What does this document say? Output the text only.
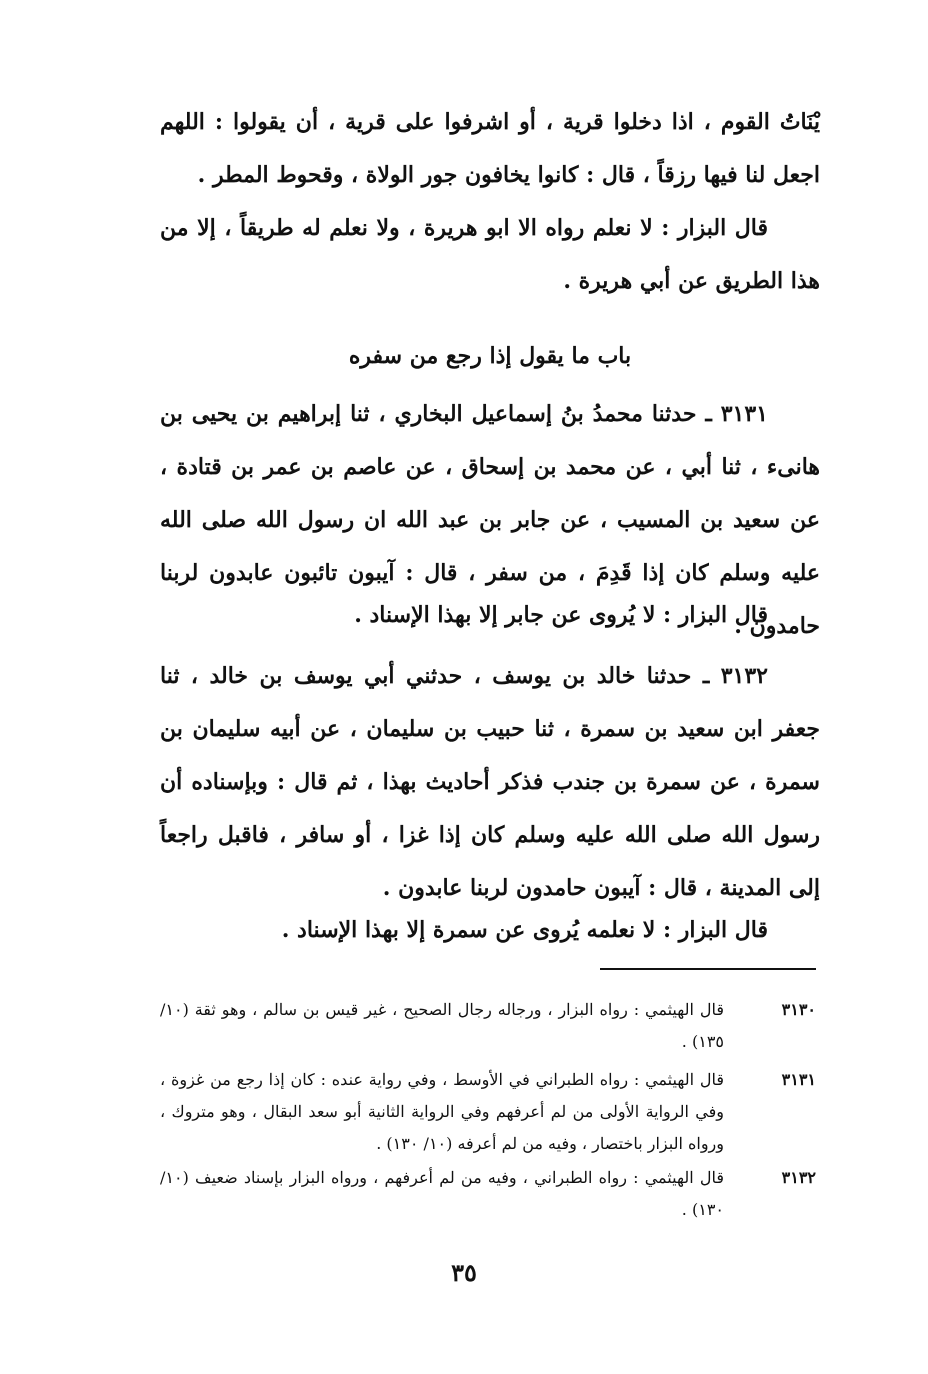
يْنَاتُ القوم ، اذا دخلوا قرية ، أو اشرفوا على قرية ، أن يقولوا : اللهم اجعل لنا فيها رزقاً ، قال : كانوا يخافون جور الولاة ، وقحوط المطر .

قال البزار : لا نعلم رواه الا ابو هريرة ، ولا نعلم له طريقاً ، إلا من هذا الطريق عن أبي هريرة .

باب ما يقول إذا رجع من سفره

٣١٣١ ـ حدثنا محمدُ بنُ إسماعيل البخاري ، ثنا إبراهيم بن يحيى بن هانىء ، ثنا أبي ، عن محمد بن إسحاق ، عن عاصم بن عمر بن قتادة ، عن سعيد بن المسيب ، عن جابر بن عبد الله ان رسول الله صلى الله عليه وسلم كان إذا قَدِمَ ، من سفر ، قال : آيبون تائبون عابدون لربنا حامدون .

قال البزار : لا يُروى عن جابر إلا بهذا الإسناد .

٣١٣٢ ـ حدثنا خالد بن يوسف ، حدثني أبي يوسف بن خالد ، ثنا جعفر ابن سعيد بن سمرة ، ثنا حبيب بن سليمان ، عن أبيه سليمان بن سمرة ، عن سمرة بن جندب فذكر أحاديث بهذا ، ثم قال : وبإسناده أن رسول الله صلى الله عليه وسلم كان إذا غزا ، أو سافر ، فاقبل راجعاً إلى المدينة ، قال : آيبون حامدون لربنا عابدون .

قال البزار : لا نعلمه يُروى عن سمرة إلا بهذا الإسناد .

٣١٣٠
قال الهيثمي : رواه البزار ، ورجاله رجال الصحيح ، غير قيس بن سالم ، وهو ثقة (١٠/ ١٣٥) .
٣١٣١
قال الهيثمي : رواه الطبراني في الأوسط ، وفي رواية عنده : كان إذا رجع من غزوة ، وفي الرواية الأولى من لم أعرفهم وفي الرواية الثانية أبو سعد البقال ، وهو متروك ، ورواه البزار باختصار ، وفيه من لم أعرفه (١٠/ ١٣٠) .
٣١٣٢
قال الهيثمي : رواه الطبراني ، وفيه من لم أعرفهم ، ورواه البزار بإسناد ضعيف (١٠/ ١٣٠) .
٣٥
